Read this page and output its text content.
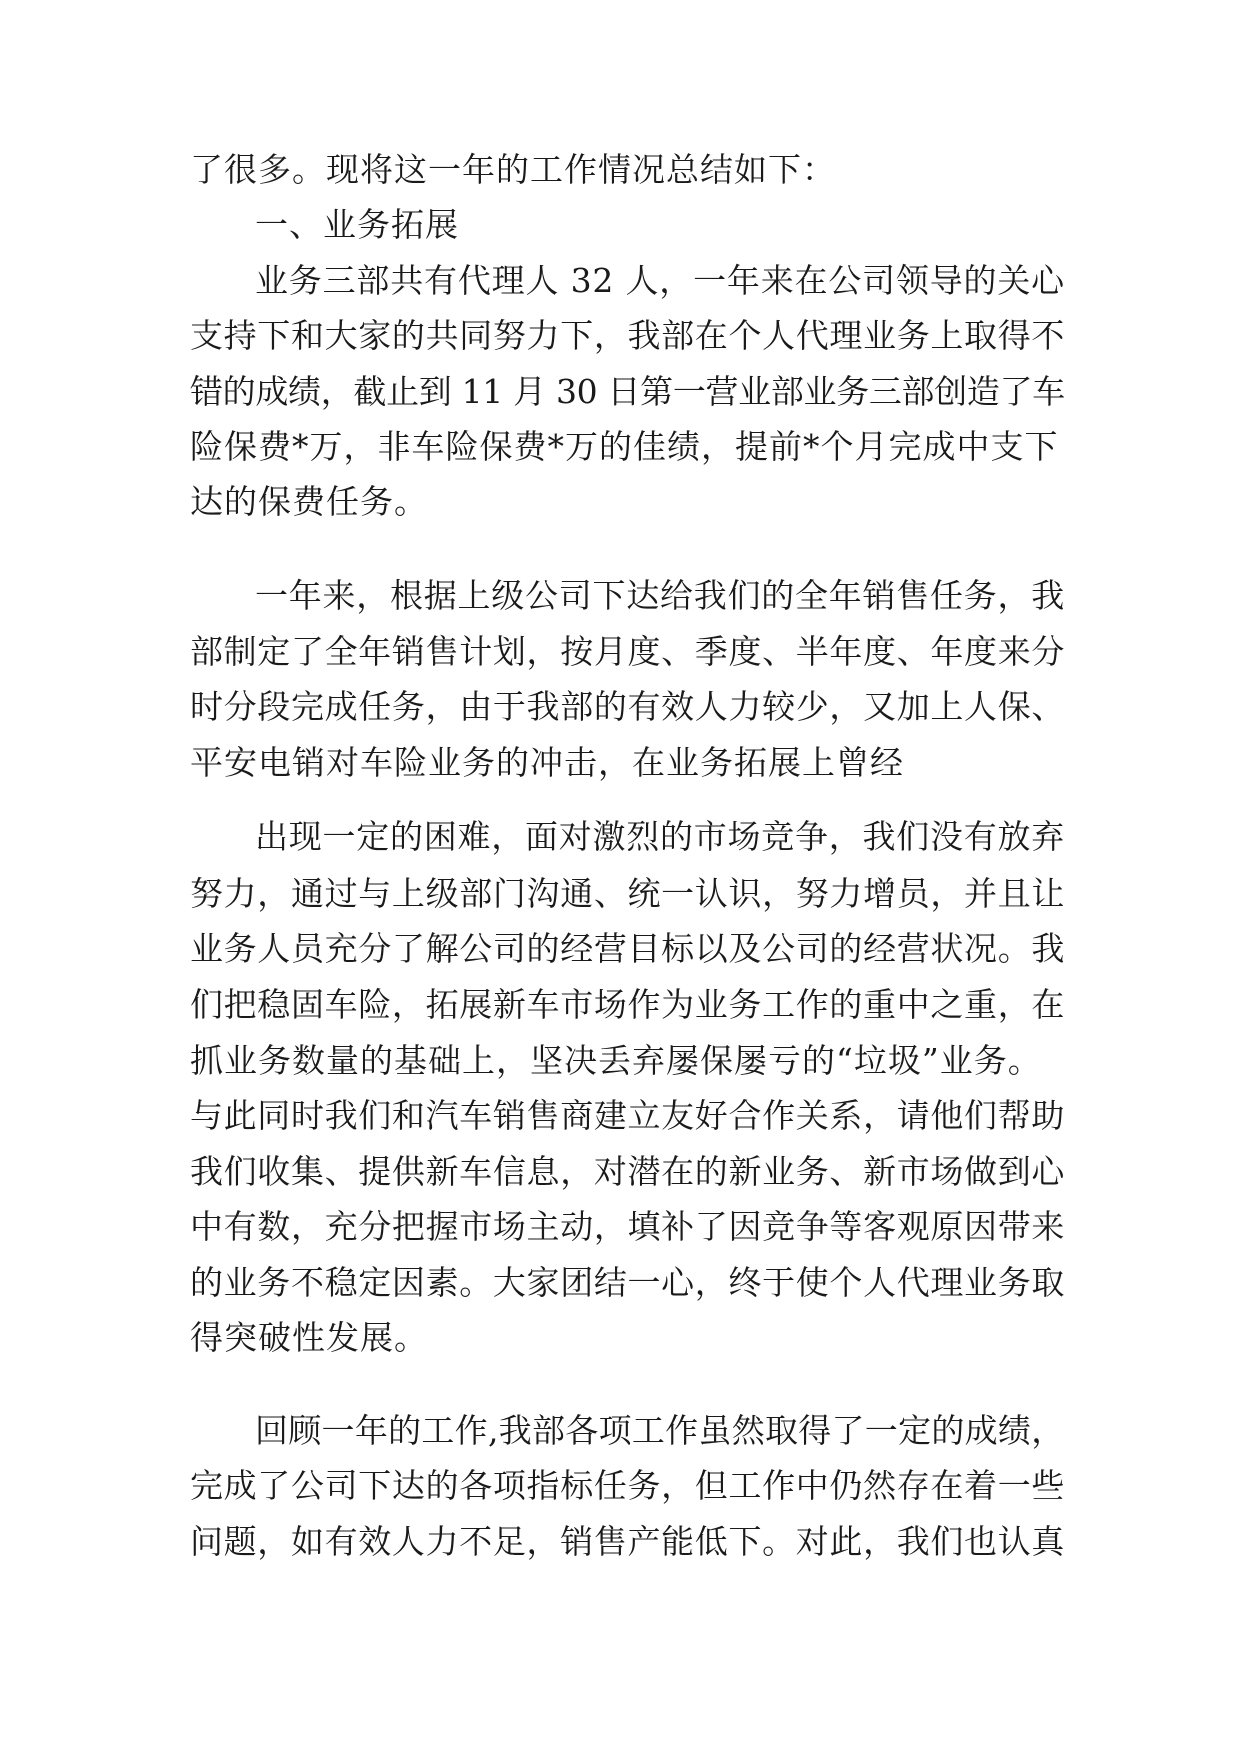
了很多。现将这一年的工作情况总结如下：
一、业务拓展
业务三部共有代理人 32 人，一年来在公司领导的关心
支持下和大家的共同努力下，我部在个人代理业务上取得不
错的成绩，截止到 11 月 30 日第一营业部业务三部创造了车
险保费*万，非车险保费*万的佳绩，提前*个月完成中支下
达的保费任务。
一年来，根据上级公司下达给我们的全年销售任务，我
部制定了全年销售计划，按月度、季度、半年度、年度来分
时分段完成任务，由于我部的有效人力较少，又加上人保、
平安电销对车险业务的冲击，在业务拓展上曾经
出现一定的困难，面对激烈的市场竞争，我们没有放弃
努力，通过与上级部门沟通、统一认识，努力增员，并且让
业务人员充分了解公司的经营目标以及公司的经营状况。我
们把稳固车险，拓展新车市场作为业务工作的重中之重，在
抓业务数量的基础上，坚决丢弃屡保屡亏的“垃圾”业务。
与此同时我们和汽车销售商建立友好合作关系，请他们帮助
我们收集、提供新车信息，对潜在的新业务、新市场做到心
中有数，充分把握市场主动，填补了因竞争等客观原因带来
的业务不稳定因素。大家团结一心，终于使个人代理业务取
得突破性发展。
回顾一年的工作,我部各项工作虽然取得了一定的成绩，
完成了公司下达的各项指标任务，但工作中仍然存在着一些
问题，如有效人力不足，销售产能低下。对此，我们也认真
